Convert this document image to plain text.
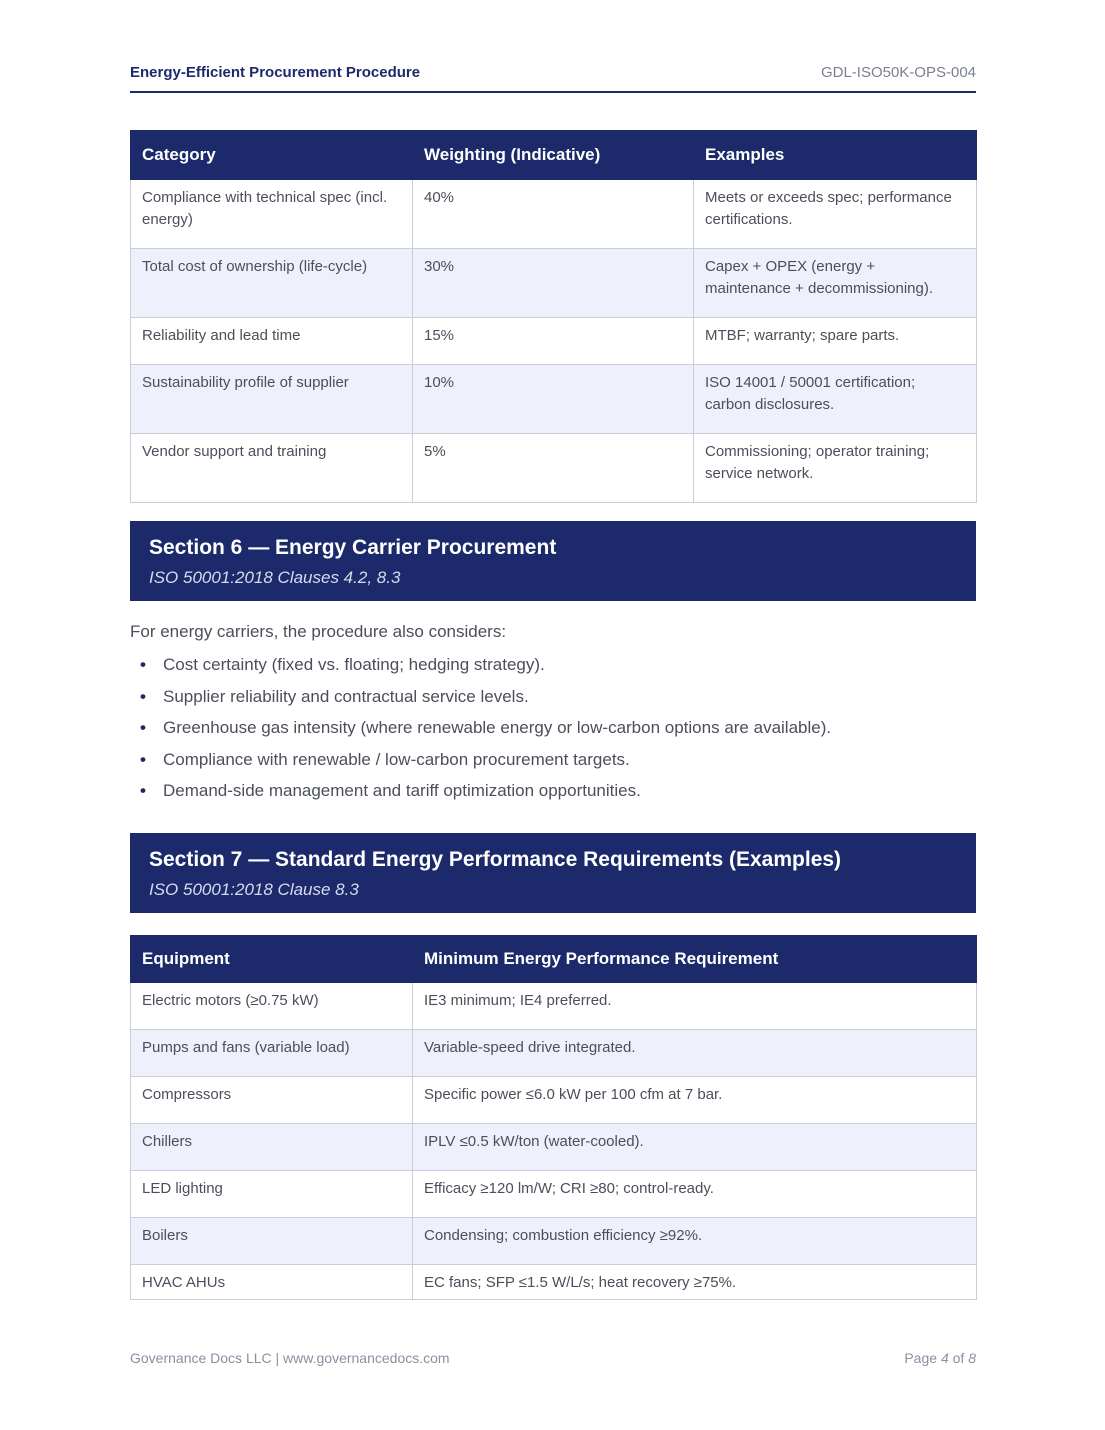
Energy-Efficient Procurement Procedure	GDL-ISO50K-OPS-004
Category	Weighting (Indicative)	Examples
Compliance with technical spec (incl. energy)	40%	Meets or exceeds spec; performance certifications.
Total cost of ownership (life-cycle)	30%	Capex + OPEX (energy + maintenance + decommissioning).
Reliability and lead time	15%	MTBF; warranty; spare parts.
Sustainability profile of supplier	10%	ISO 14001 / 50001 certification; carbon disclosures.
Vendor support and training	5%	Commissioning; operator training; service network.
Section 6 — Energy Carrier Procurement
ISO 50001:2018 Clauses 4.2, 8.3
For energy carriers, the procedure also considers:
• Cost certainty (fixed vs. floating; hedging strategy).
• Supplier reliability and contractual service levels.
• Greenhouse gas intensity (where renewable energy or low-carbon options are available).
• Compliance with renewable / low-carbon procurement targets.
• Demand-side management and tariff optimization opportunities.
Section 7 — Standard Energy Performance Requirements (Examples)
ISO 50001:2018 Clause 8.3
Equipment	Minimum Energy Performance Requirement
Electric motors (≥0.75 kW)	IE3 minimum; IE4 preferred.
Pumps and fans (variable load)	Variable-speed drive integrated.
Compressors	Specific power ≤6.0 kW per 100 cfm at 7 bar.
Chillers	IPLV ≤0.5 kW/ton (water-cooled).
LED lighting	Efficacy ≥120 lm/W; CRI ≥80; control-ready.
Boilers	Condensing; combustion efficiency ≥92%.
HVAC AHUs	EC fans; SFP ≤1.5 W/L/s; heat recovery ≥75%.
Governance Docs LLC | www.governancedocs.com	Page 4 of 8
